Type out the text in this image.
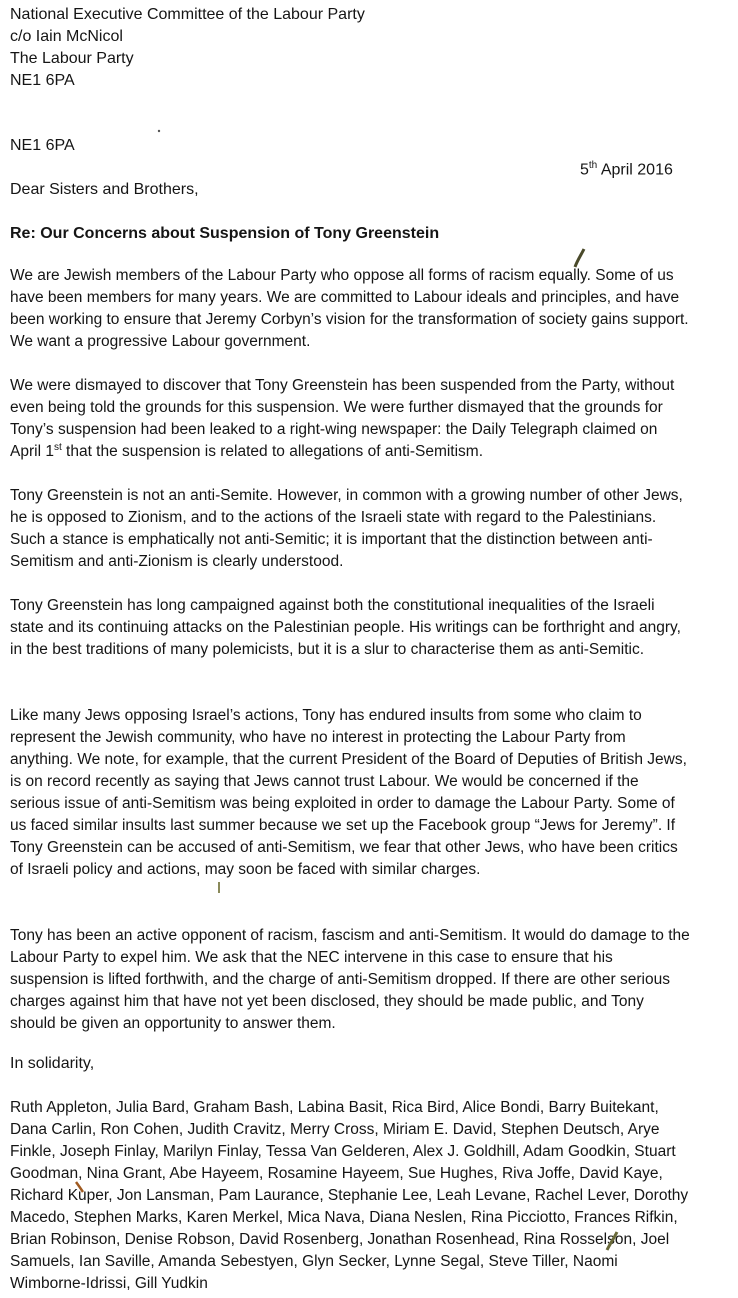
National Executive Committee of the Labour Party
c/o Iain McNicol
The Labour Party
NE1 6PA
NE1 6PA
5th April 2016
Dear Sisters and Brothers,
Re: Our Concerns about Suspension of Tony Greenstein
We are Jewish members of the Labour Party who oppose all forms of racism equally. Some of us have been members for many years. We are committed to Labour ideals and principles, and have been working to ensure that Jeremy Corbyn’s vision for the transformation of society gains support. We want a progressive Labour government.
We were dismayed to discover that Tony Greenstein has been suspended from the Party, without even being told the grounds for this suspension. We were further dismayed that the grounds for Tony’s suspension had been leaked to a right-wing newspaper: the Daily Telegraph claimed on April 1st that the suspension is related to allegations of anti-Semitism.
Tony Greenstein is not an anti-Semite. However, in common with a growing number of other Jews, he is opposed to Zionism, and to the actions of the Israeli state with regard to the Palestinians. Such a stance is emphatically not anti-Semitic; it is important that the distinction between anti-Semitism and anti-Zionism is clearly understood.
Tony Greenstein has long campaigned against both the constitutional inequalities of the Israeli state and its continuing attacks on the Palestinian people. His writings can be forthright and angry, in the best traditions of many polemicists, but it is a slur to characterise them as anti-Semitic.
Like many Jews opposing Israel’s actions, Tony has endured insults from some who claim to represent the Jewish community, who have no interest in protecting the Labour Party from anything. We note, for example, that the current President of the Board of Deputies of British Jews, is on record recently as saying that Jews cannot trust Labour. We would be concerned if the serious issue of anti-Semitism was being exploited in order to damage the Labour Party. Some of us faced similar insults last summer because we set up the Facebook group “Jews for Jeremy”. If Tony Greenstein can be accused of anti-Semitism, we fear that other Jews, who have been critics of Israeli policy and actions, may soon be faced with similar charges.
Tony has been an active opponent of racism, fascism and anti-Semitism. It would do damage to the Labour Party to expel him. We ask that the NEC intervene in this case to ensure that his suspension is lifted forthwith, and the charge of anti-Semitism dropped. If there are other serious charges against him that have not yet been disclosed, they should be made public, and Tony should be given an opportunity to answer them.
In solidarity,
Ruth Appleton, Julia Bard, Graham Bash, Labina Basit, Rica Bird, Alice Bondi, Barry Buitekant, Dana Carlin, Ron Cohen, Judith Cravitz, Merry Cross, Miriam E. David, Stephen Deutsch, Arye Finkle, Joseph Finlay, Marilyn Finlay, Tessa Van Gelderen, Alex J. Goldhill, Adam Goodkin, Stuart Goodman, Nina Grant, Abe Hayeem, Rosamine Hayeem, Sue Hughes, Riva Joffe, David Kaye, Richard Kuper, Jon Lansman, Pam Laurance, Stephanie Lee, Leah Levane, Rachel Lever, Dorothy Macedo, Stephen Marks, Karen Merkel, Mica Nava, Diana Neslen, Rina Picciotto, Frances Rifkin, Brian Robinson, Denise Robson, David Rosenberg, Jonathan Rosenhead, Rina Rosselson, Joel Samuels, Ian Saville, Amanda Sebestyen, Glyn Secker, Lynne Segal, Steve Tiller, Naomi Wimborne-Idrissi, Gill Yudkin
